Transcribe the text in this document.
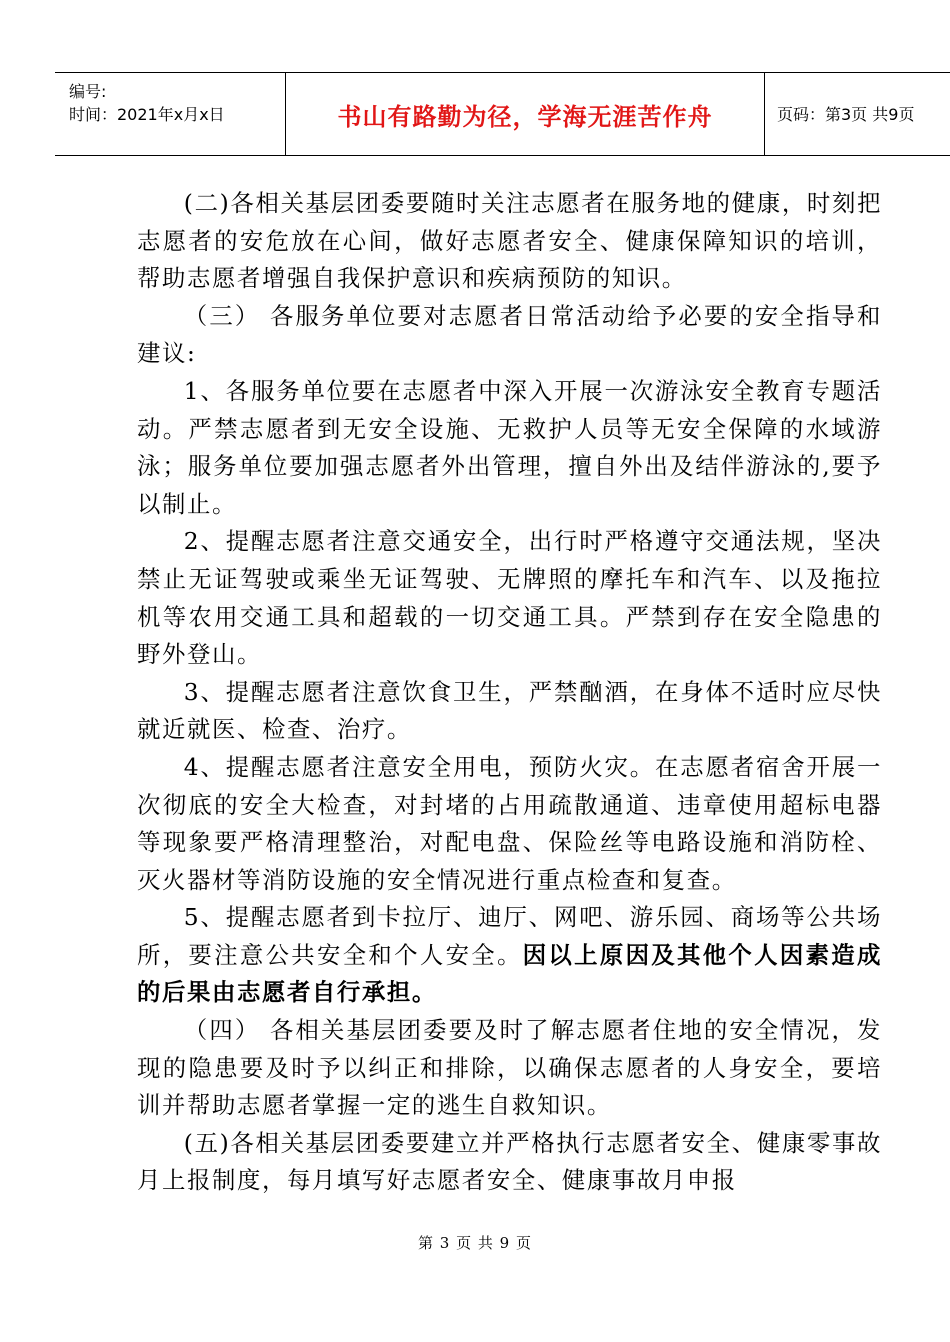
编号:
时间：2021年x月x日	书山有路勤为径，学海无涯苦作舟	页码：第3页 共9页

(二)各相关基层团委要随时关注志愿者在服务地的健康，时刻把志愿者的安危放在心间，做好志愿者安全、健康保障知识的培训，帮助志愿者增强自我保护意识和疾病预防的知识。

（三） 各服务单位要对志愿者日常活动给予必要的安全指导和建议:

1、各服务单位要在志愿者中深入开展一次游泳安全教育专题活动。严禁志愿者到无安全设施、无救护人员等无安全保障的水域游泳；服务单位要加强志愿者外出管理，擅自外出及结伴游泳的,要予以制止。

2、提醒志愿者注意交通安全，出行时严格遵守交通法规，坚决禁止无证驾驶或乘坐无证驾驶、无牌照的摩托车和汽车、以及拖拉机等农用交通工具和超载的一切交通工具。严禁到存在安全隐患的野外登山。

3、提醒志愿者注意饮食卫生，严禁酗酒，在身体不适时应尽快就近就医、检查、治疗。

4、提醒志愿者注意安全用电，预防火灾。在志愿者宿舍开展一次彻底的安全大检查，对封堵的占用疏散通道、违章使用超标电器等现象要严格清理整治，对配电盘、保险丝等电路设施和消防栓、灭火器材等消防设施的安全情况进行重点检查和复查。

5、提醒志愿者到卡拉厅、迪厅、网吧、游乐园、商场等公共场所，要注意公共安全和个人安全。因以上原因及其他个人因素造成的后果由志愿者自行承担。

（四） 各相关基层团委要及时了解志愿者住地的安全情况，发现的隐患要及时予以纠正和排除，以确保志愿者的人身安全，要培训并帮助志愿者掌握一定的逃生自救知识。

(五)各相关基层团委要建立并严格执行志愿者安全、健康零事故月上报制度，每月填写好志愿者安全、健康事故月申报

第 3 页 共 9 页
